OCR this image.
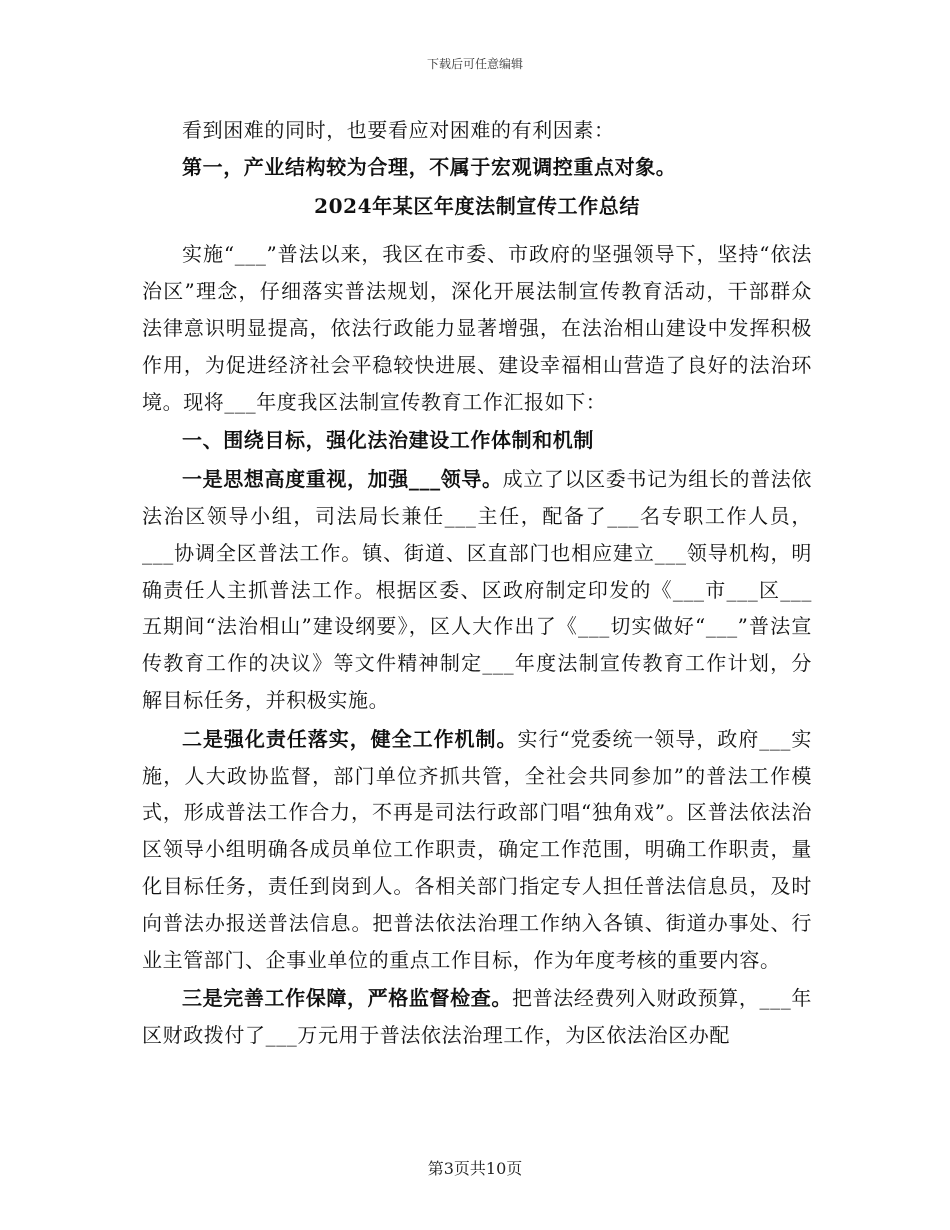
下载后可任意编辑

看到困难的同时，也要看应对困难的有利因素：

第一，产业结构较为合理，不属于宏观调控重点对象。

2024年某区年度法制宣传工作总结

实施“___”普法以来，我区在市委、市政府的坚强领导下，坚持“依法治区”理念，仔细落实普法规划，深化开展法制宣传教育活动，干部群众法律意识明显提高，依法行政能力显著增强，在法治相山建设中发挥积极作用，为促进经济社会平稳较快进展、建设幸福相山营造了良好的法治环境。现将___年度我区法制宣传教育工作汇报如下：

一、围绕目标，强化法治建设工作体制和机制

一是思想高度重视，加强___领导。成立了以区委书记为组长的普法依法治区领导小组，司法局长兼任___主任，配备了___名专职工作人员，___协调全区普法工作。镇、街道、区直部门也相应建立___领导机构，明确责任人主抓普法工作。根据区委、区政府制定印发的《___市___区___五期间“法治相山”建设纲要》，区人大作出了《___切实做好“___”普法宣传教育工作的决议》等文件精神制定___年度法制宣传教育工作计划，分解目标任务，并积极实施。

二是强化责任落实，健全工作机制。实行“党委统一领导，政府___实施，人大政协监督，部门单位齐抓共管，全社会共同参加”的普法工作模式，形成普法工作合力，不再是司法行政部门唱“独角戏”。区普法依法治区领导小组明确各成员单位工作职责，确定工作范围，明确工作职责，量化目标任务，责任到岗到人。各相关部门指定专人担任普法信息员，及时向普法办报送普法信息。把普法依法治理工作纳入各镇、街道办事处、行业主管部门、企事业单位的重点工作目标，作为年度考核的重要内容。

三是完善工作保障，严格监督检查。把普法经费列入财政预算，___年区财政拨付了___万元用于普法依法治理工作，为区依法治区办配

第3页共10页
